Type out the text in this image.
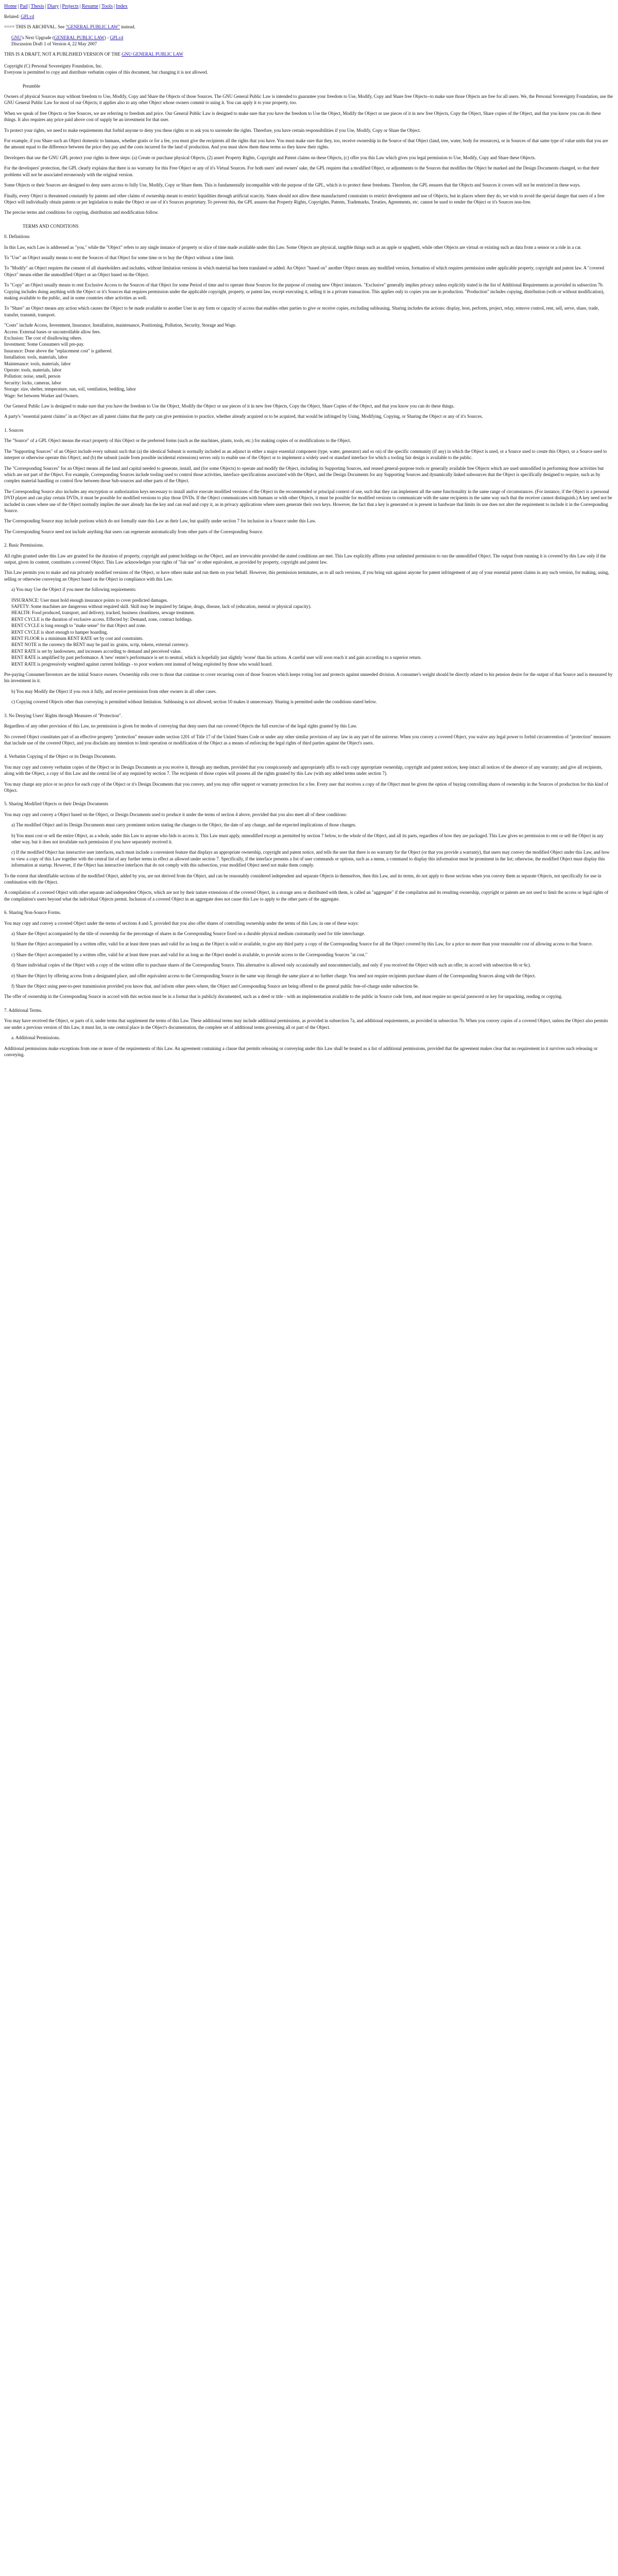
Home | Pad | Thesis | Diary | Projects | Resume | Tools | Index

Related: GPLv4

==== THIS IS ARCHIVAL. See "GENERAL PUBLIC LAW" instead.

GNU's Next Upgrade (GENERAL PUBLIC LAW) - GPLv4

Discussion Draft 1 of Version 4, 22 May 2007

THIS IS A DRAFT, NOT A PUBLISHED VERSION OF THE GNU GENERAL PUBLIC LAW

Copyright (C) Personal Sovereignty Foundation, Inc.
Everyone is permitted to copy and distribute verbatim copies of this document, but changing it is not allowed.

Preamble

Owners of physical Sources may without freedom to Use, Modify, Copy and Share the Objects of those Sources. The GNU General Public Law is intended to guarantee your freedom to Use, Modify, Copy and Share free Objects--to make sure those Objects are free for all users. We, the Personal Sovereignty Foundation, use the GNU General Public Law for most of our Objects; it applies also to any other Object whose owners commit to using it. You can apply it to your property, too.

When we speak of free Objects or free Sources, we are referring to freedom and price. Our General Public Law is designed to make sure that you have the freedom to Use the Object, Modify the Object or use pieces of it in new free Objects, Copy the Object, Share copies of the Object, and that you know you can do these things. It also requires any price paid above cost of supply be an investment for that user.

To protect your rights, we need to make requirements that forbid anyone to deny you these rights or to ask you to surrender the rights. Therefore, you have certain responsibilities if you Use, Modify, Copy or Share the Object.

For example, if you Share such an Object domestic to humans, whether gratis or for a fee, you must give the recipients all the rights that you have. You must make sure that they, too, receive ownership in the Source of that Object (land, tree, water, body for resources), or in Sources of that same type of value units that you are the amount equal to the difference between the price they pay and the costs incurred for the land of production. And you must show them these terms so they know their rights.

Developers that use the GNU GPL protect your rights in three steps: (a) Create or purchase physical Objects, (2) assert Property Rights, Copyright and Patent claims on these Objects, (c) offer you this Law which gives you legal permission to Use, Modify, Copy and Share these Objects.

For the developers' protection, the GPL clearly explains that there is no warranty for this Free Object or any of it's Virtual Sources. For both users' and owners' sake, the GPL requires that a modified Object, or adjustments to the Sources that modifies the Object be marked and the Design Documents changed, so that their problems will not be associated erroneously with the original version.

Some Objects or their Sources are designed to deny users access to fully Use, Modify, Copy or Share them. This is fundamentally incompatible with the purpose of the GPL, which is to protect these freedoms. Therefore, the GPL ensures that the Objects and Sources it covers will not be restricted in these ways.

Finally, every Object is threatened constantly by patents and other claims of ownership meant to restrict liquidities through artificial scarcity. States should not allow these manufactured constraints to restrict development and use of Objects, but in places where they do, we wish to avoid the special danger that users of a free Object will individually obtain patents or per legislation to make the Object or use of it's Sources proprietary. To prevent this, the GPL assures that Property Rights, Copyrights, Patents, Trademarks, Treaties, Agreements, etc. cannot be used to render the Object or it's Sources non-free.

The precise terms and conditions for copying, distribution and modification follow.

TERMS AND CONDITIONS

0. Definitions

In this Law, each Law is addressed as "you," while the "Object" refers to any single instance of property or slice of time made available under this Law. Some Objects are physical, tangible things such as an apple or spaghetti, while other Objects are virtual or existing such as data from a sensor or a ride in a car.

To "Use" an Object usually means to rent the Sources of that Object for some time or to buy the Object without a time limit.

To "Modify" an Object requires the consent of all shareholders and includes, without limitation versions in which material has been translated or added. An Object "based on" another Object means any modified version, formation of which requires permission under applicable property, copyright and patent law. A "covered Object" means either the unmodified Object or an Object based on the Object.

To "Copy" an Object usually means to rent Exclusive Access to the Sources of that Object for some Period of time and to operate those Sources for the purpose of creating new Object instances. "Exclusive" generally implies privacy unless explicitly stated in the list of Additional Requirements as provided in subsection 7b. Copying includes doing anything with the Object or it's Sources that requires permission under the applicable copyright, property, or patent law, except executing it, selling it in a private transaction. This applies only to copies you use in production. "Production" includes copying, distribution (with or without modification), making available to the public, and in some countries other activities as well.

To "Share" an Object means any action which causes the Object to be made available to another User in any form or capacity of access that enables other parties to give or receive copies, excluding subleasing. Sharing includes the actions: display, host, perform, project, relay, remove control, rent, sell, serve, share, trade, transfer, transmit, transport.

"Costs" include Access, Investment, Insurance, Installation, maintenance, Positioning, Pollution, Security, Storage and Wage.

Access: External bases or uncontrollable allow fees.

Exclusion: The cost of disallowing others.

Investment: Some Consumers will pre-pay.

Insurance: Done above the "replacement cost" is gathered.

Installation: tools, materials, labor

Maintenance: tools, materials, labor

Operate: tools, materials, labor

Pollution: noise, smell, person

Security: locks, cameras, labor

Storage: size, shelter, temperature, sun, soil, ventilation, bedding, labor

Wage: Set between Worker and Owners.

Our General Public Law is designed to make sure that you have the freedom to Use the Object, Modify the Object or use pieces of it in new free Objects, Copy the Object, Share Copies of the Object, and that you know you can do these things.

A party's "essential patent claims" in an Object are all patent claims that the party can give permission to practice, whether already acquired or to be acquired, that would be infringed by Using, Modifying, Copying, or Sharing the Object or any of it's Sources.

1. Sources

The "Source" of a GPL Object means the exact property of this Object or the preferred forms (such as the machines, plants, tools, etc.) for making copies of or modifications to the Object.

The "Supporting Sources" of an Object include every subunit such that (a) the identical Subunit is normally included as an adjunct in either a major essential component (type, water, generator) and so on) of the specific community (if any) in which the Object is used, or a Source used to create this Object, or a Source used to interpret or otherwise operate this Object; and (b) the subunit (aside from possible incidental extensions) serves only to enable use of the Object or to implement a widely used or standard interface for which a tooling fair design is available to the public.

The "Corresponding Sources" for an Object means all the land and capital needed to generate, install, and (for some Objects) to operate and modify the Object, including its Supporting Sources, and reused general-purpose tools or generally available free Objects which are used unmodified in performing those activities but which are not part of the Object. For example, Corresponding Sources include tooling used to control those activities, interface specifications associated with the Object, and the Design Documents for any Supporting Sources and dynamically linked subsources that the Object is specifically designed to require, such as by complex material handling or control flow between those Sub-sources and other parts of the Object.

The Corresponding Source also includes any encryption or authorization keys necessary to install and/or execute modified versions of the Object in the recommended or principal context of use, such that they can implement all the same functionality in the same range of circumstances. (For instance, if the Object is a personal DVD player and can play certain DVDs, it must be possible for modified versions to play those DVDs. If the Object communicates with humans or with other Objects, it must be possible for modified versions to communicate with the same recipients in the same way such that the receiver cannot distinguish.) A key need not be included in cases where use of the Object normally implies the user already has the key and can read and copy it, as in privacy applications where users generate their own keys. However, the fact that a key is generated or is present in hardware that limits its use does not alter the requirement to include it in the Corresponding Source.

The Corresponding Source may include portions which do not formally state this Law as their Law, but qualify under section 7 for inclusion in a Source under this Law.

The Corresponding Source need not include anything that users can regenerate automatically from other parts of the Corresponding Source.

2. Basic Permissions.

All rights granted under this Law are granted for the duration of property, copyright and patent holdings on the Object, and are irrevocable provided the stated conditions are met. This Law explicitly affirms your unlimited permission to run the unmodified Object. The output from running it is covered by this Law only if the output, given its content, constitutes a covered Object. This Law acknowledges your rights of "fair use" or other equivalent, as provided by property, copyright and patent law.

This Law permits you to make and run privately modified versions of the Object, or have others make and run them on your behalf. However, this permission terminates, as to all such versions, if you bring suit against anyone for patent infringement of any of your essential patent claims in any such version, for making, using, selling or otherwise conveying an Object based on the Object in compliance with this Law.

a) You may Use the Object if you meet the following requirements:

INSURANCE: User must hold enough insurance points to cover predicted damages.

SAFETY: Some machines are dangerous without required skill. Skill may be impaired by fatigue, drugs, disease, lack of (education, mental or physical capacity).

HEALTH: Food produced, transport, and delivery, tracked, business cleanliness, sewage treatment.

RENT CYCLE is the duration of exclusive access. Effected by: Demand, zone, contract holdings.

RENT CYCLE is long enough to "make sense" for that Object and zone.

RENT CYCLE is short enough to hamper hoarding.

RENT FLOOR is a minimum RENT RATE set by cost and constraints.

RENT NOTE is the currency the RENT may be paid in: grains, scrip, tokens, external currency.

RENT RATE is set by landowners, and increases according to demand and perceived value.

RENT RATE is amplified by past performance. A 'new' renter's performance is set to neutral, which is hopefully just slightly 'worse' than his actions. A careful user will soon reach it and gain according to a superior return.

RENT RATE is progressively weighted against current holdings - to poor workers rent instead of being exploited by those who would hoard.

Pre-paying Consumer/Investors are the initial Source owners. Ownership rolls over to those that continue to cover recurring costs of those Sources which keeps voting lost and protects against unneeded division. A consumer's weight should be directly related to his pension desire for the output of that Source and is measured by his investment in it.

b) You may Modify the Object if you own it fully, and receive permission from other owners in all other cases.

c) Copying covered Objects other than conveying is permitted without limitation. Subleasing is not allowed; section 10 makes it unnecessary. Sharing is permitted under the conditions stated below.

3. No Denying Users' Rights through Measures of "Protection".

Regardless of any other provision of this Law, no permission is given for modes of conveying that deny users that run covered Objects the full exercise of the legal rights granted by this Law.

No covered Object constitutes part of an effective property "protection" measure under section 1201 of Title 17 of the United States Code or under any other similar provision of any law in any part of the universe. When you convey a covered Object, you waive any legal power to forbid circumvention of "protection" measures that include use of the covered Object, and you disclaim any intention to limit operation or modification of the Object as a means of enforcing the legal rights of third parties against the Object's users.

4. Verbatim Copying of the Object or its Design Documents.

You may copy and convey verbatim copies of the Object or its Design Documents as you receive it, through any medium, provided that you conspicuously and appropriately affix to each copy appropriate ownership, copyright and patent notices; keep intact all notices of the absence of any warranty; and give all recipients, along with the Object, a copy of this Law and the central list of any required by section 7. The recipients of those copies will possess all the rights granted by this Law (with any added terms under section 7).

You may charge any price or no price for each copy of the Object or it's Design Documents that you convey, and you may offer support or warranty protection for a fee. Every user that receives a copy of the Object must be given the option of buying controlling shares of ownership in the Sources of production for this kind of Object.

5. Sharing Modified Objects or their Design Documents

You may copy and convey a Object based on the Object, or Design Documents used to produce it under the terms of section 4 above, provided that you also meet all of these conditions:

a) The modified Object and its Design Documents must carry prominent notices stating the changes to the Object, the date of any change, and the expected implications of those changes.

b) You must cost or sell the entire Object, as a whole, under this Law to anyone who bids to access it. This Law must apply, unmodified except as permitted by section 7 below, to the whole of the Object, and all its parts, regardless of how they are packaged. This Law gives no permission to rent or sell the Object in any other way, but it does not invalidate such permission if you have separately received it.

c) If the modified Object has interactive user interfaces, each must include a convenient feature that displays an appropriate ownership, copyright and patent notice, and tells the user that there is no warranty for the Object (or that you provide a warranty), that users may convey the modified Object under this Law, and how to view a copy of this Law together with the central list of any further terms in effect as allowed under section 7. Specifically, if the interface presents a list of user commands or options, such as a menu, a command to display this information must be prominent in the list; otherwise, the modified Object must display this information at startup. However, if the Object has interactive interfaces that do not comply with this subsection, your modified Object need not make them comply.

To the extent that identifiable sections of the modified Object, added by you, are not derived from the Object, and can be reasonably considered independent and separate Objects in themselves, then this Law, and its terms, do not apply to those sections when you convey them as separate Objects, not specifically for use in combination with the Object.

A compilation of a covered Object with other separate and independent Objects, which are not by their nature extensions of the covered Object, in a storage area or distributed with them, is called an "aggregate" if the compilation and its resulting ownership, copyright or patents are not used to limit the access or legal rights of the compilation's users beyond what the individual Objects permit. Inclusion of a covered Object in an aggregate does not cause this Law to apply to the other parts of the aggregate.

6. Sharing Non-Source Forms.

You may copy and convey a covered Object under the terms of sections 4 and 5, provided that you also offer shares of controlling ownership under the terms of this Law, in one of these ways:

a) Share the Object accompanied by the title of ownership for the percentage of shares in the Corresponding Source fixed on a durable physical medium customarily used for title interchange.

b) Share the Object accompanied by a written offer, valid for at least three years and valid for as long as the Object is sold or available, to give any third party a copy of the Corresponding Source for all the Object covered by this Law, for a price no more than your reasonable cost of allowing access to that Source.

c) Share the Object accompanied by a written offer, valid for at least three years and valid for as long as the Object model is available, to provide access to the Corresponding Sources "at cost."

d) Share individual copies of the Object with a copy of the written offer to purchase shares of the Corresponding Source. This alternative is allowed only occasionally and noncommercially, and only if you received the Object with such an offer, in accord with subsection 6b or 6c).

e) Share the Object by offering access from a designated place, and offer equivalent access to the Corresponding Source in the same way through the same place at no further charge. You need not require recipients purchase shares of the Corresponding Sources along with the Object.

f) Share the Object using peer-to-peer transmission provided you know that, and inform other peers where, the Object and Corresponding Source are being offered to the general public free-of-charge under subsection 6e.

The offer of ownership in the Corresponding Source in accord with this section must be in a format that is publicly documented, such as a deed or title - with an implementation available to the public in Source code form, and must require no special password or key for unpacking, reading or copying.

7. Additional Terms.

You may have received the Object, or parts of it, under terms that supplement the terms of this Law. These additional terms may include additional permissions, as provided in subsection 7a, and additional requirements, as provided in subsection 7b. When you convey copies of a covered Object, unless the Object also permits use under a previous version of this Law, it must list, in one central place in the Object's documentation, the complete set of additional terms governing all or part of the Object.

a. Additional Permissions.

Additional permissions make exceptions from one or more of the requirements of this Law. An agreement containing a clause that permits releasing or conveying under this Law shall be treated as a list of additional permissions, provided that the agreement makes clear that no requirement in it survives such releasing or conveying.
